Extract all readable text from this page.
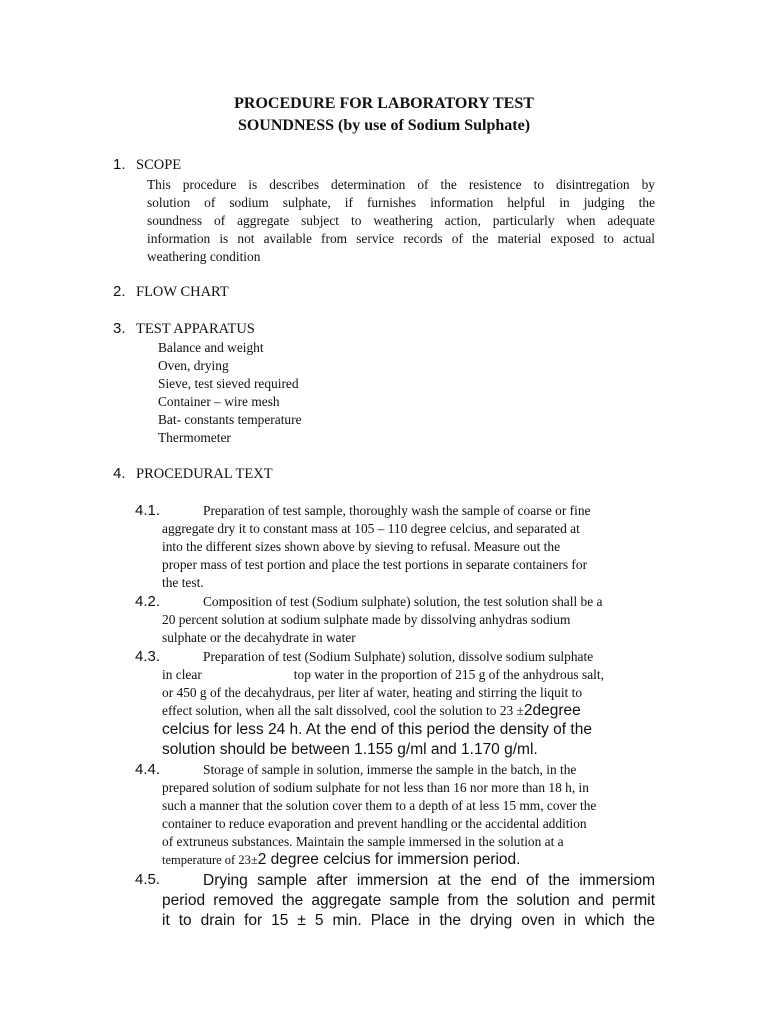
PROCEDURE FOR LABORATORY TEST
SOUNDNESS (by use of Sodium Sulphate)
1. SCOPE
This procedure is describes determination of the resistence to disintregation by
solution of sodium sulphate, if furnishes information helpful in judging the
soundness of aggregate subject to weathering action, particularly when adequate
information is not available from service records of the material exposed to actual
weathering condition
2. FLOW CHART
3. TEST APPARATUS
Balance and weight
Oven, drying
Sieve, test sieved required
Container – wire mesh
Bat- constants temperature
Thermometer
4. PROCEDURAL TEXT
4.1.	Preparation of test sample, thoroughly wash the sample of coarse or fine
aggregate dry it to constant mass at 105 – 110 degree celcius, and separated at
into the different sizes shown above by sieving to refusal. Measure out the
proper mass of test portion and place the test portions in separate containers for
the test.
4.2.	Composition of test (Sodium sulphate) solution, the test solution shall be a
20 percent solution at sodium sulphate made by dissolving anhydras sodium
sulphate or the decahydrate in water
4.3.	Preparation of test (Sodium Sulphate) solution, dissolve sodium sulphate
in clear	top water in the proportion of 215 g of the anhydrous salt,
or 450 g of the decahydraus, per liter af water, heating and stirring the liquit to
effect solution, when all the salt dissolved, cool the solution to 23 ±2degree
celcius for less 24 h. At the end of this period the density of the
solution should be between 1.155 g/ml and 1.170 g/ml.
4.4.	Storage of sample in solution, immerse the sample in the batch, in the
prepared solution of sodium sulphate for not less than 16 nor more than 18 h, in
such a manner that the solution cover them to a depth of at less 15 mm, cover the
container to reduce evaporation and prevent handling or the accidental addition
of extruneus substances. Maintain the sample immersed in the solution at a
temperature of 23±2 degree celcius for immersion period.
4.5.	Drying sample after immersion at the end of the immersiom
period removed the aggregate sample from the solution and permit
it to drain for 15 ± 5 min. Place in the drying oven in which the
